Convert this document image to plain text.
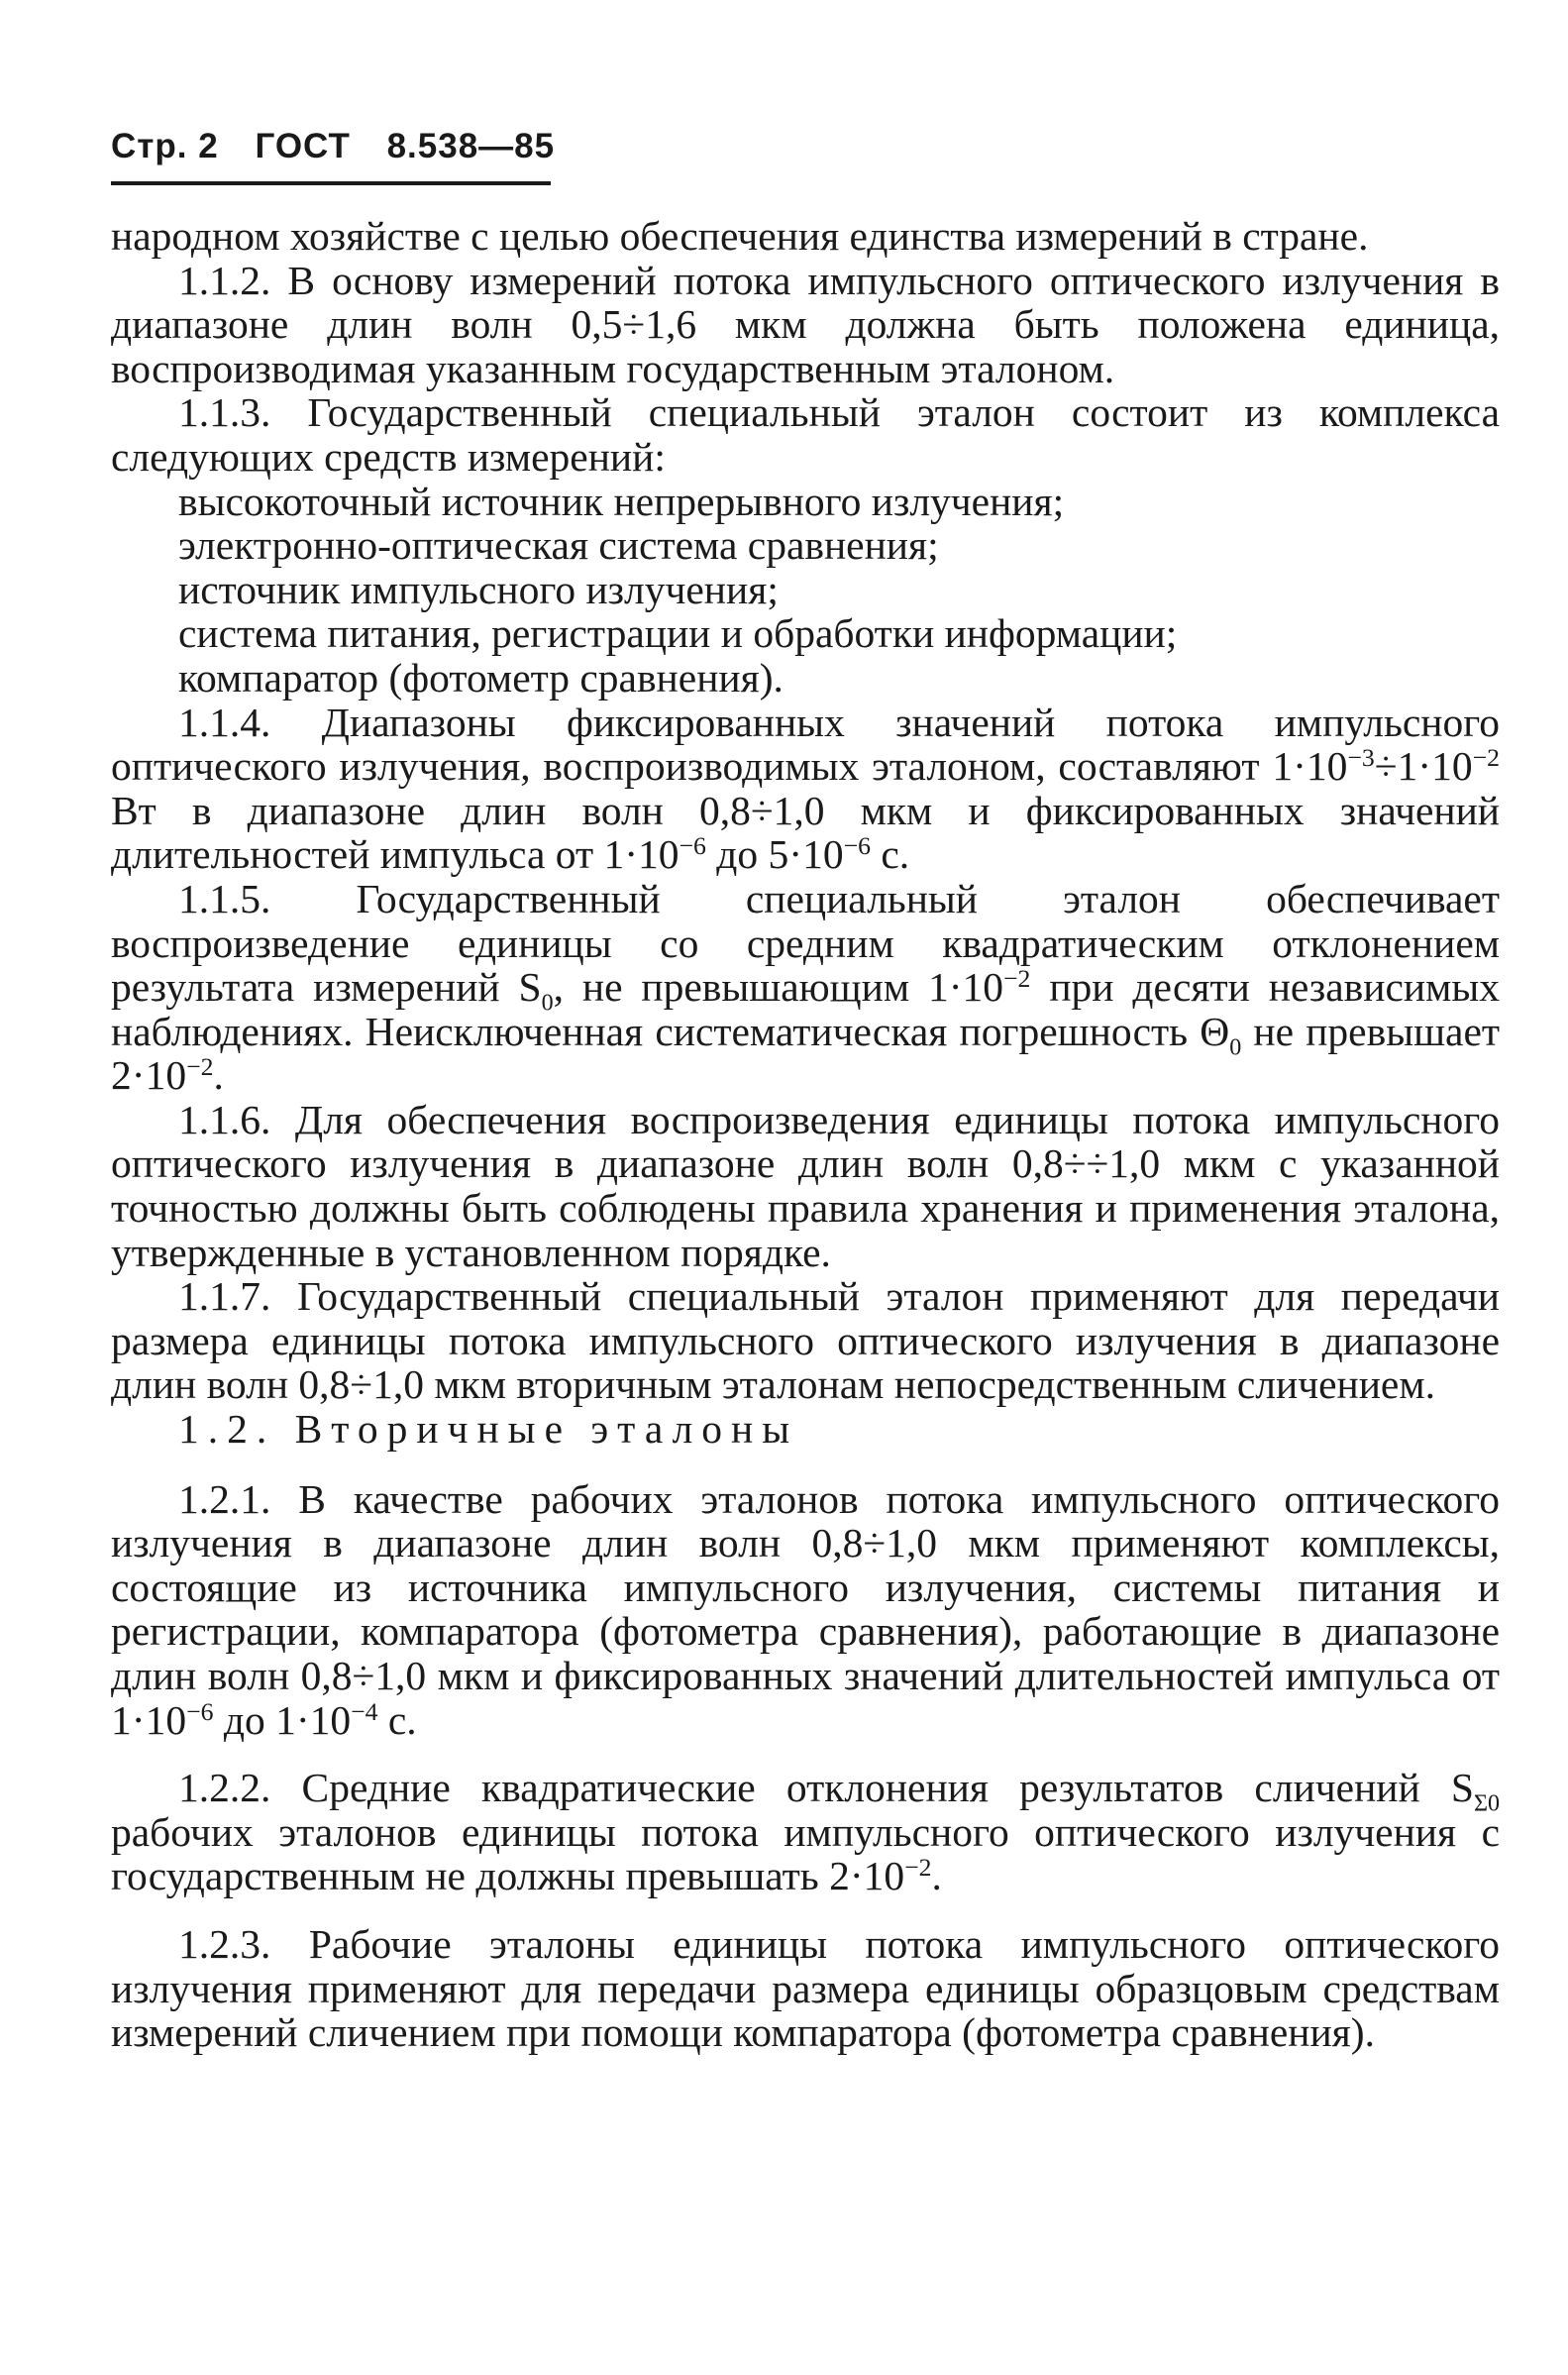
Стр. 2 ГОСТ 8.538—85

народном хозяйстве с целью обеспечения единства измерений в стране.

1.1.2. В основу измерений потока импульсного оптического излучения в диапазоне длин волн 0,5÷1,6 мкм должна быть положена единица, воспроизводимая указанным государственным эталоном.

1.1.3. Государственный специальный эталон состоит из комплекса следующих средств измерений:

высокоточный источник непрерывного излучения;

электронно-оптическая система сравнения;

источник импульсного излучения;

система питания, регистрации и обработки информации;

компаратор (фотометр сравнения).

1.1.4. Диапазоны фиксированных значений потока импульсного оптического излучения, воспроизводимых эталоном, составляют $1\cdot 10^{-3}\div 1\cdot 10^{-2}$ Вт в диапазоне длин волн 0,8÷1,0 мкм и фиксированных значений длительностей импульса от $1\cdot 10^{-6}$ до $5\cdot 10^{-6}$ с.

1.1.5. Государственный специальный эталон обеспечивает воспроизведение единицы со средним квадратическим отклонением результата измерений $S_0$, не превышающим $1\cdot 10^{-2}$ при десяти независимых наблюдениях. Неисключенная систематическая погрешность $\Theta_0$ не превышает $2\cdot 10^{-2}$.

1.1.6. Для обеспечения воспроизведения единицы потока импульсного оптического излучения в диапазоне длин волн 0,8÷÷1,0 мкм с указанной точностью должны быть соблюдены правила хранения и применения эталона, утвержденные в установленном порядке.

1.1.7. Государственный специальный эталон применяют для передачи размера единицы потока импульсного оптического излучения в диапазоне длин волн 0,8÷1,0 мкм вторичным эталонам непосредственным сличением.

1.2. Вторичные эталоны

1.2.1. В качестве рабочих эталонов потока импульсного оптического излучения в диапазоне длин волн 0,8÷1,0 мкм применяют комплексы, состоящие из источника импульсного излучения, системы питания и регистрации, компаратора (фотометра сравнения), работающие в диапазоне длин волн 0,8÷1,0 мкм и фиксированных значений длительностей импульса от $1\cdot 10^{-6}$ до $1\cdot 10^{-4}$ с.

1.2.2. Средние квадратические отклонения результатов сличений $S_{\Sigma 0}$ рабочих эталонов единицы потока импульсного оптического излучения с государственным не должны превышать $2\cdot 10^{-2}$.

1.2.3. Рабочие эталоны единицы потока импульсного оптического излучения применяют для передачи размера единицы образцовым средствам измерений сличением при помощи компаратора (фотометра сравнения).
